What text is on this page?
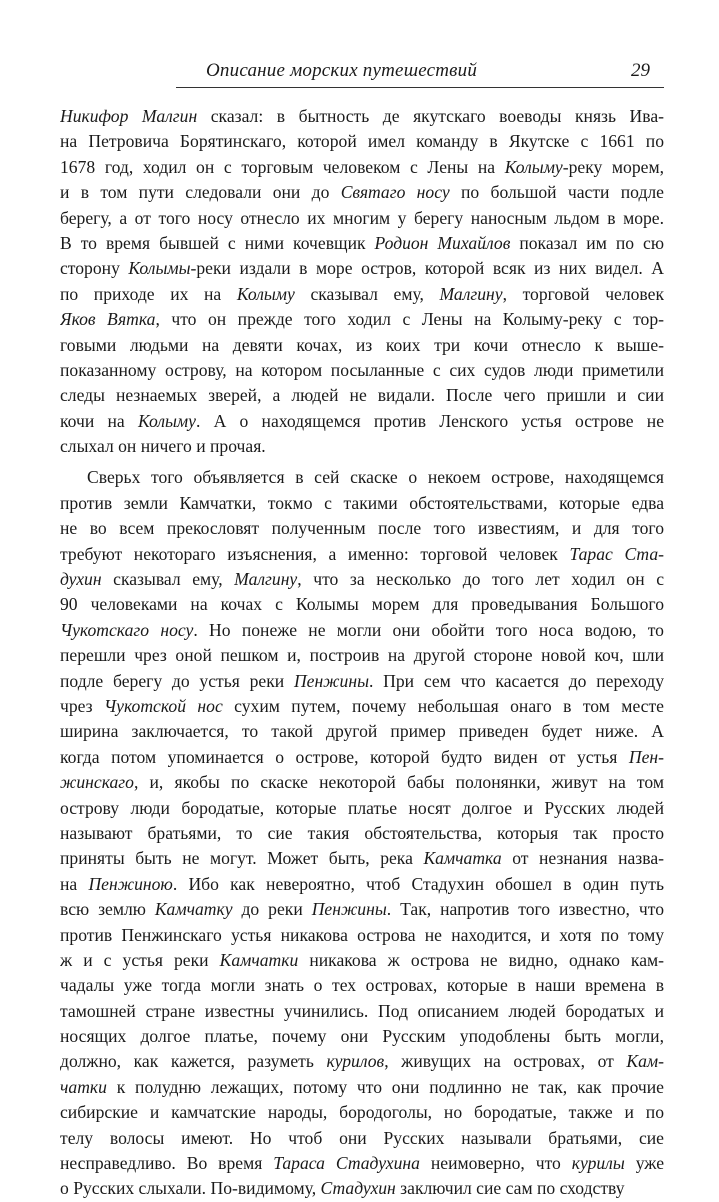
Описание морских путешествий	29
Никифор Малгин сказал: в бытность де якутскаго воеводы князь Ива-
на Петровича Борятинскаго, которой имел команду в Якутске с 1661 по
1678 год, ходил он с торговым человеком с Лены на Колыму-реку морем,
и в том пути следовали они до Святаго носу по большой части подле
берегу, а от того носу отнесло их многим у берегу наносным льдом в море.
В то время бывшей с ними кочевщик Родион Михайлов показал им по сю
сторону Колымы-реки издали в море остров, которой всяк из них видел. А
по приходе их на Колыму сказывал ему, Малгину, торговой человек
Яков Вятка, что он прежде того ходил с Лены на Колыму-реку с тор-
говыми людьми на девяти кочах, из коих три кочи отнесло к выше-
показанному острову, на котором посыланные с сих судов люди приметили
следы незнаемых зверей, а людей не видали. После чего пришли и сии
кочи на Колыму. А о находящемся против Ленского устья острове не
слыхал он ничего и прочая.
Сверьх того объявляется в сей скаске о некоем острове, находящемся
против земли Камчатки, токмо с такими обстоятельствами, которые едва
не во всем прекословят полученным после того известиям, и для того
требуют некотораго изъяснения, а именно: торговой человек Тарас Ста-
духин сказывал ему, Малгину, что за несколько до того лет ходил он с
90 человеками на кочах с Колымы морем для проведывания Большого
Чукотскаго носу. Но понеже не могли они обойти того носа водою, то
перешли чрез оной пешком и, построив на другой стороне новой коч, шли
подле берегу до устья реки Пенжины. При сем что касается до переходу
чрез Чукотской нос сухим путем, почему небольшая онаго в том месте
ширина заключается, то такой другой пример приведен будет ниже. А
когда потом упоминается о острове, которой будто виден от устья Пен-
жинскаго, и, якобы по скаске некоторой бабы полонянки, живут на том
острову люди бородатые, которые платье носят долгое и Русских людей
называют братьями, то сие такия обстоятельства, которыя так просто
приняты быть не могут. Может быть, река Камчатка от незнания назва-
на Пенжиною. Ибо как невероятно, чтоб Стадухин обошел в один путь
всю землю Камчатку до реки Пенжины. Так, напротив того известно, что
против Пенжинскаго устья никакова острова не находится, и хотя по тому
ж и с устья реки Камчатки никакова ж острова не видно, однако кам-
чадалы уже тогда могли знать о тех островах, которые в наши времена в
тамошней стране известны учинились. Под описанием людей бородатых и
носящих долгое платье, почему они Русским уподоблены быть могли,
должно, как кажется, разуметь курилов, живущих на островах, от Кам-
чатки к полудню лежащих, потому что они подлинно не так, как прочие
сибирские и камчатские народы, бородоголы, но бородатые, также и по
телу волосы имеют. Но чтоб они Русских называли братьями, сие
несправедливо. Во время Тараса Стадухина неимоверно, что курилы уже
о Русских слыхали. По-видимому, Стадухин заключил сие сам по сходству
